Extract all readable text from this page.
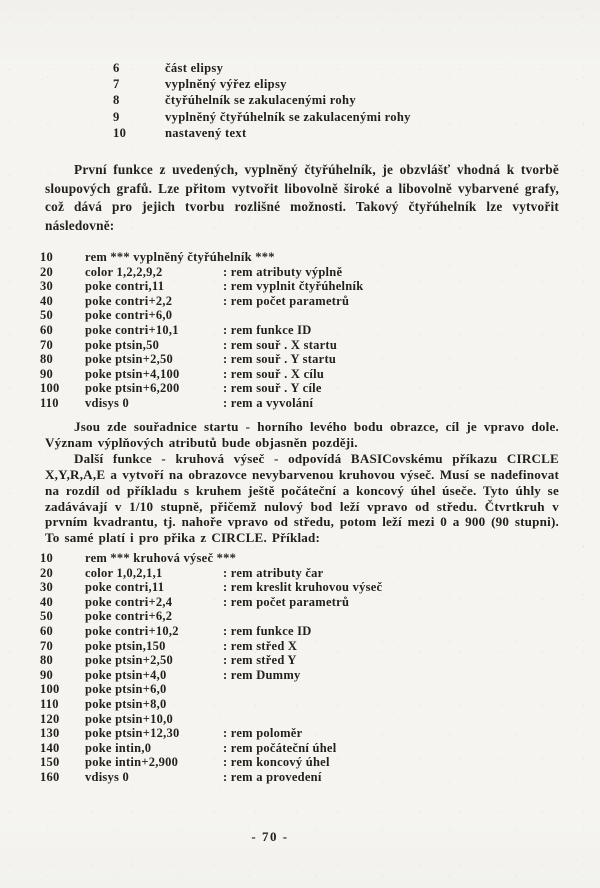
6	část elipsy
7	vyplněný výřez elipsy
8	čtyřúhelník se zakulacenými rohy
9	vyplněný čtyřúhelník se zakulacenými rohy
10	nastavený text

První funkce z uvedených, vyplněný čtyřúhelník, je obzvlášť vhodná k tvorbě sloupových grafů. Lze přitom vytvořit libovolně široké a libovolně vybarvené grafy, což dává pro jejich tvorbu rozlišné možnosti. Takový čtyřúhelník lze vytvořit následovně:

10	rem *** vyplněný čtyřúhelník ***
20	color 1,2,2,9,2	: rem atributy výplně
30	poke contri,11	: rem vyplnit čtyřúhelník
40	poke contri+2,2	: rem počet parametrů
50	poke contri+6,0
60	poke contri+10,1	: rem funkce ID
70	poke ptsin,50	: rem souř . X startu
80	poke ptsin+2,50	: rem souř . Y startu
90	poke ptsin+4,100	: rem souř . X cílu
100	poke ptsin+6,200	: rem souř . Y cíle
110	vdisys 0	: rem a vyvolání

Jsou zde souřadnice startu - horního levého bodu obrazce, cíl je vpravo dole. Význam výplňových atributů bude objasněn později.

Další funkce - kruhová výseč - odpovídá BASICovskému příkazu CIRCLE X,Y,R,A,E a vytvoří na obrazovce nevybarvenou kruhovou výseč. Musí se nadefinovat na rozdíl od příkladu s kruhem ještě počáteční a koncový úhel úseče. Tyto úhly se zadávávají v 1/10 stupně, přičemž nulový bod leží vpravo od středu. Čtvrtkruh v prvním kvadrantu, tj. nahoře vpravo od středu, potom leží mezi 0 a 900 (90 stupni). To samé platí i pro přika z CIRCLE. Příklad:

10	rem *** kruhová výseč ***
20	color 1,0,2,1,1	: rem atributy čar
30	poke contri,11	: rem kreslit kruhovou výseč
40	poke contri+2,4	: rem počet parametrů
50	poke contri+6,2
60	poke contri+10,2	: rem funkce ID
70	poke ptsin,150	: rem střed X
80	poke ptsin+2,50	: rem střed Y
90	poke ptsin+4,0	: rem Dummy
100	poke ptsin+6,0
110	poke ptsin+8,0
120	poke ptsin+10,0
130	poke ptsin+12,30	: rem poloměr
140	poke intin,0	: rem počáteční úhel
150	poke intin+2,900	: rem koncový úhel
160	vdisys 0	: rem a provedení
- 70 -
